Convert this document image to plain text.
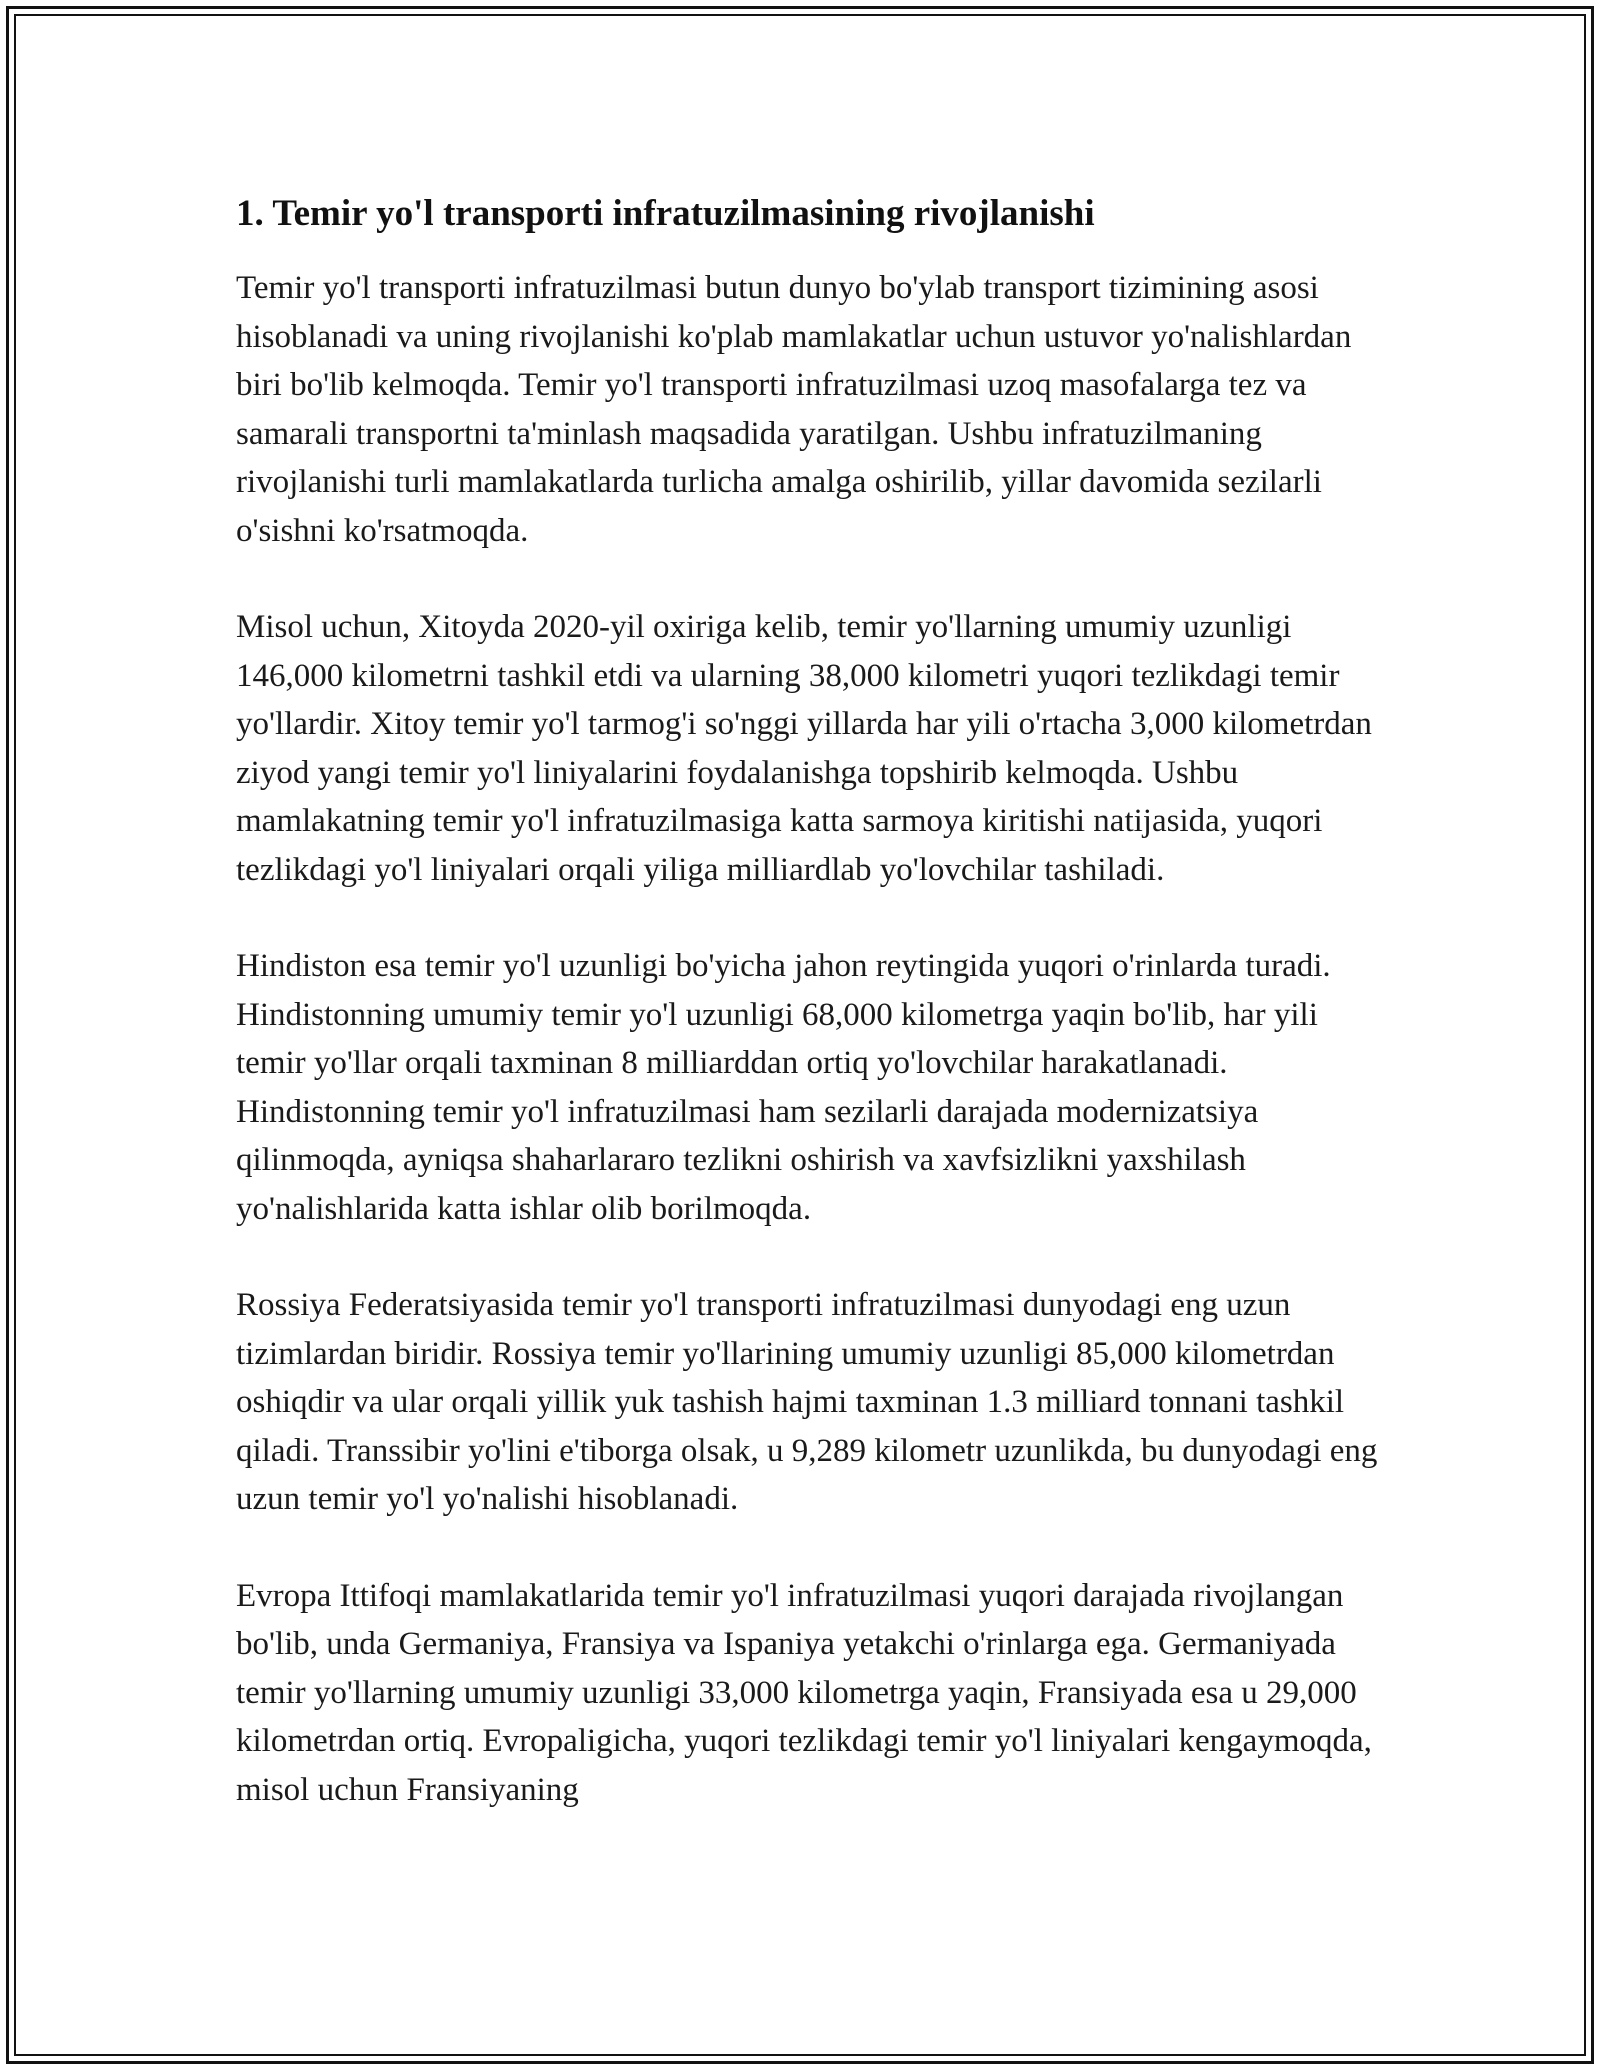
1. Temir yo'l transporti infratuzilmasining rivojlanishi

Temir yo'l transporti infratuzilmasi butun dunyo bo'ylab transport tizimining asosi hisoblanadi va uning rivojlanishi ko'plab mamlakatlar uchun ustuvor yo'nalishlardan biri bo'lib kelmoqda. Temir yo'l transporti infratuzilmasi uzoq masofalarga tez va samarali transportni ta'minlash maqsadida yaratilgan. Ushbu infratuzilmaning rivojlanishi turli mamlakatlarda turlicha amalga oshirilib, yillar davomida sezilarli o'sishni ko'rsatmoqda.

Misol uchun, Xitoyda 2020-yil oxiriga kelib, temir yo'llarning umumiy uzunligi 146,000 kilometrni tashkil etdi va ularning 38,000 kilometri yuqori tezlikdagi temir yo'llardir. Xitoy temir yo'l tarmog'i so'nggi yillarda har yili o'rtacha 3,000 kilometrdan ziyod yangi temir yo'l liniyalarini foydalanishga topshirib kelmoqda. Ushbu mamlakatning temir yo'l infratuzilmasiga katta sarmoya kiritishi natijasida, yuqori tezlikdagi yo'l liniyalari orqali yiliga milliardlab yo'lovchilar tashiladi.

Hindiston esa temir yo'l uzunligi bo'yicha jahon reytingida yuqori o'rinlarda turadi. Hindistonning umumiy temir yo'l uzunligi 68,000 kilometrga yaqin bo'lib, har yili temir yo'llar orqali taxminan 8 milliarddan ortiq yo'lovchilar harakatlanadi. Hindistonning temir yo'l infratuzilmasi ham sezilarli darajada modernizatsiya qilinmoqda, ayniqsa shaharlararo tezlikni oshirish va xavfsizlikni yaxshilash yo'nalishlarida katta ishlar olib borilmoqda.

Rossiya Federatsiyasida temir yo'l transporti infratuzilmasi dunyodagi eng uzun tizimlardan biridir. Rossiya temir yo'llarining umumiy uzunligi 85,000 kilometrdan oshiqdir va ular orqali yillik yuk tashish hajmi taxminan 1.3 milliard tonnani tashkil qiladi. Transsibir yo'lini e'tiborga olsak, u 9,289 kilometr uzunlikda, bu dunyodagi eng uzun temir yo'l yo'nalishi hisoblanadi.

Evropa Ittifoqi mamlakatlarida temir yo'l infratuzilmasi yuqori darajada rivojlangan bo'lib, unda Germaniya, Fransiya va Ispaniya yetakchi o'rinlarga ega. Germaniyada temir yo'llarning umumiy uzunligi 33,000 kilometrga yaqin, Fransiyada esa u 29,000 kilometrdan ortiq. Evropaligicha, yuqori tezlikdagi temir yo'l liniyalari kengaymoqda, misol uchun Fransiyaning
